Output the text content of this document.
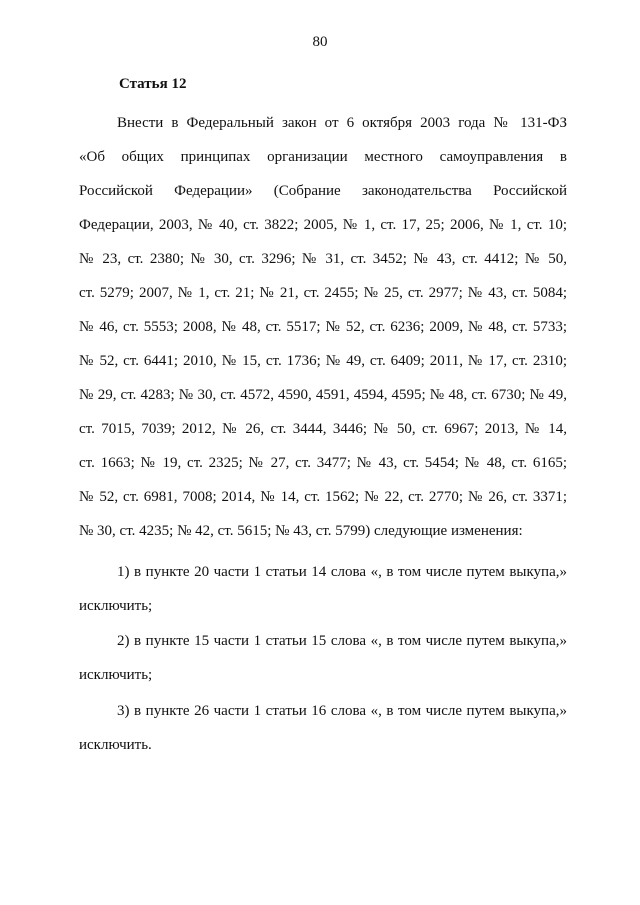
80
Статья 12
Внести в Федеральный закон от 6 октября 2003 года № 131-ФЗ
«Об общих принципах организации местного самоуправления в
Российской Федерации» (Собрание законодательства Российской
Федерации, 2003, № 40, ст. 3822; 2005, № 1, ст. 17, 25; 2006, № 1, ст. 10;
№ 23, ст. 2380; № 30, ст. 3296; № 31, ст. 3452; № 43, ст. 4412; № 50,
ст. 5279; 2007, № 1, ст. 21; № 21, ст. 2455; № 25, ст. 2977; № 43, ст. 5084;
№ 46, ст. 5553; 2008, № 48, ст. 5517; № 52, ст. 6236; 2009, № 48, ст. 5733;
№ 52, ст. 6441; 2010, № 15, ст. 1736; № 49, ст. 6409; 2011, № 17, ст. 2310;
№ 29, ст. 4283; № 30, ст. 4572, 4590, 4591, 4594, 4595; № 48, ст. 6730; № 49,
ст. 7015, 7039; 2012, № 26, ст. 3444, 3446; № 50, ст. 6967; 2013, № 14,
ст. 1663; № 19, ст. 2325; № 27, ст. 3477; № 43, ст. 5454; № 48, ст. 6165;
№ 52, ст. 6981, 7008; 2014, № 14, ст. 1562; № 22, ст. 2770; № 26, ст. 3371;
№ 30, ст. 4235; № 42, ст. 5615; № 43, ст. 5799) следующие изменения:
1) в пункте 20 части 1 статьи 14 слова «, в том числе путем выкупа,»
исключить;
2) в пункте 15 части 1 статьи 15 слова «, в том числе путем выкупа,»
исключить;
3) в пункте 26 части 1 статьи 16 слова «, в том числе путем выкупа,»
исключить.
